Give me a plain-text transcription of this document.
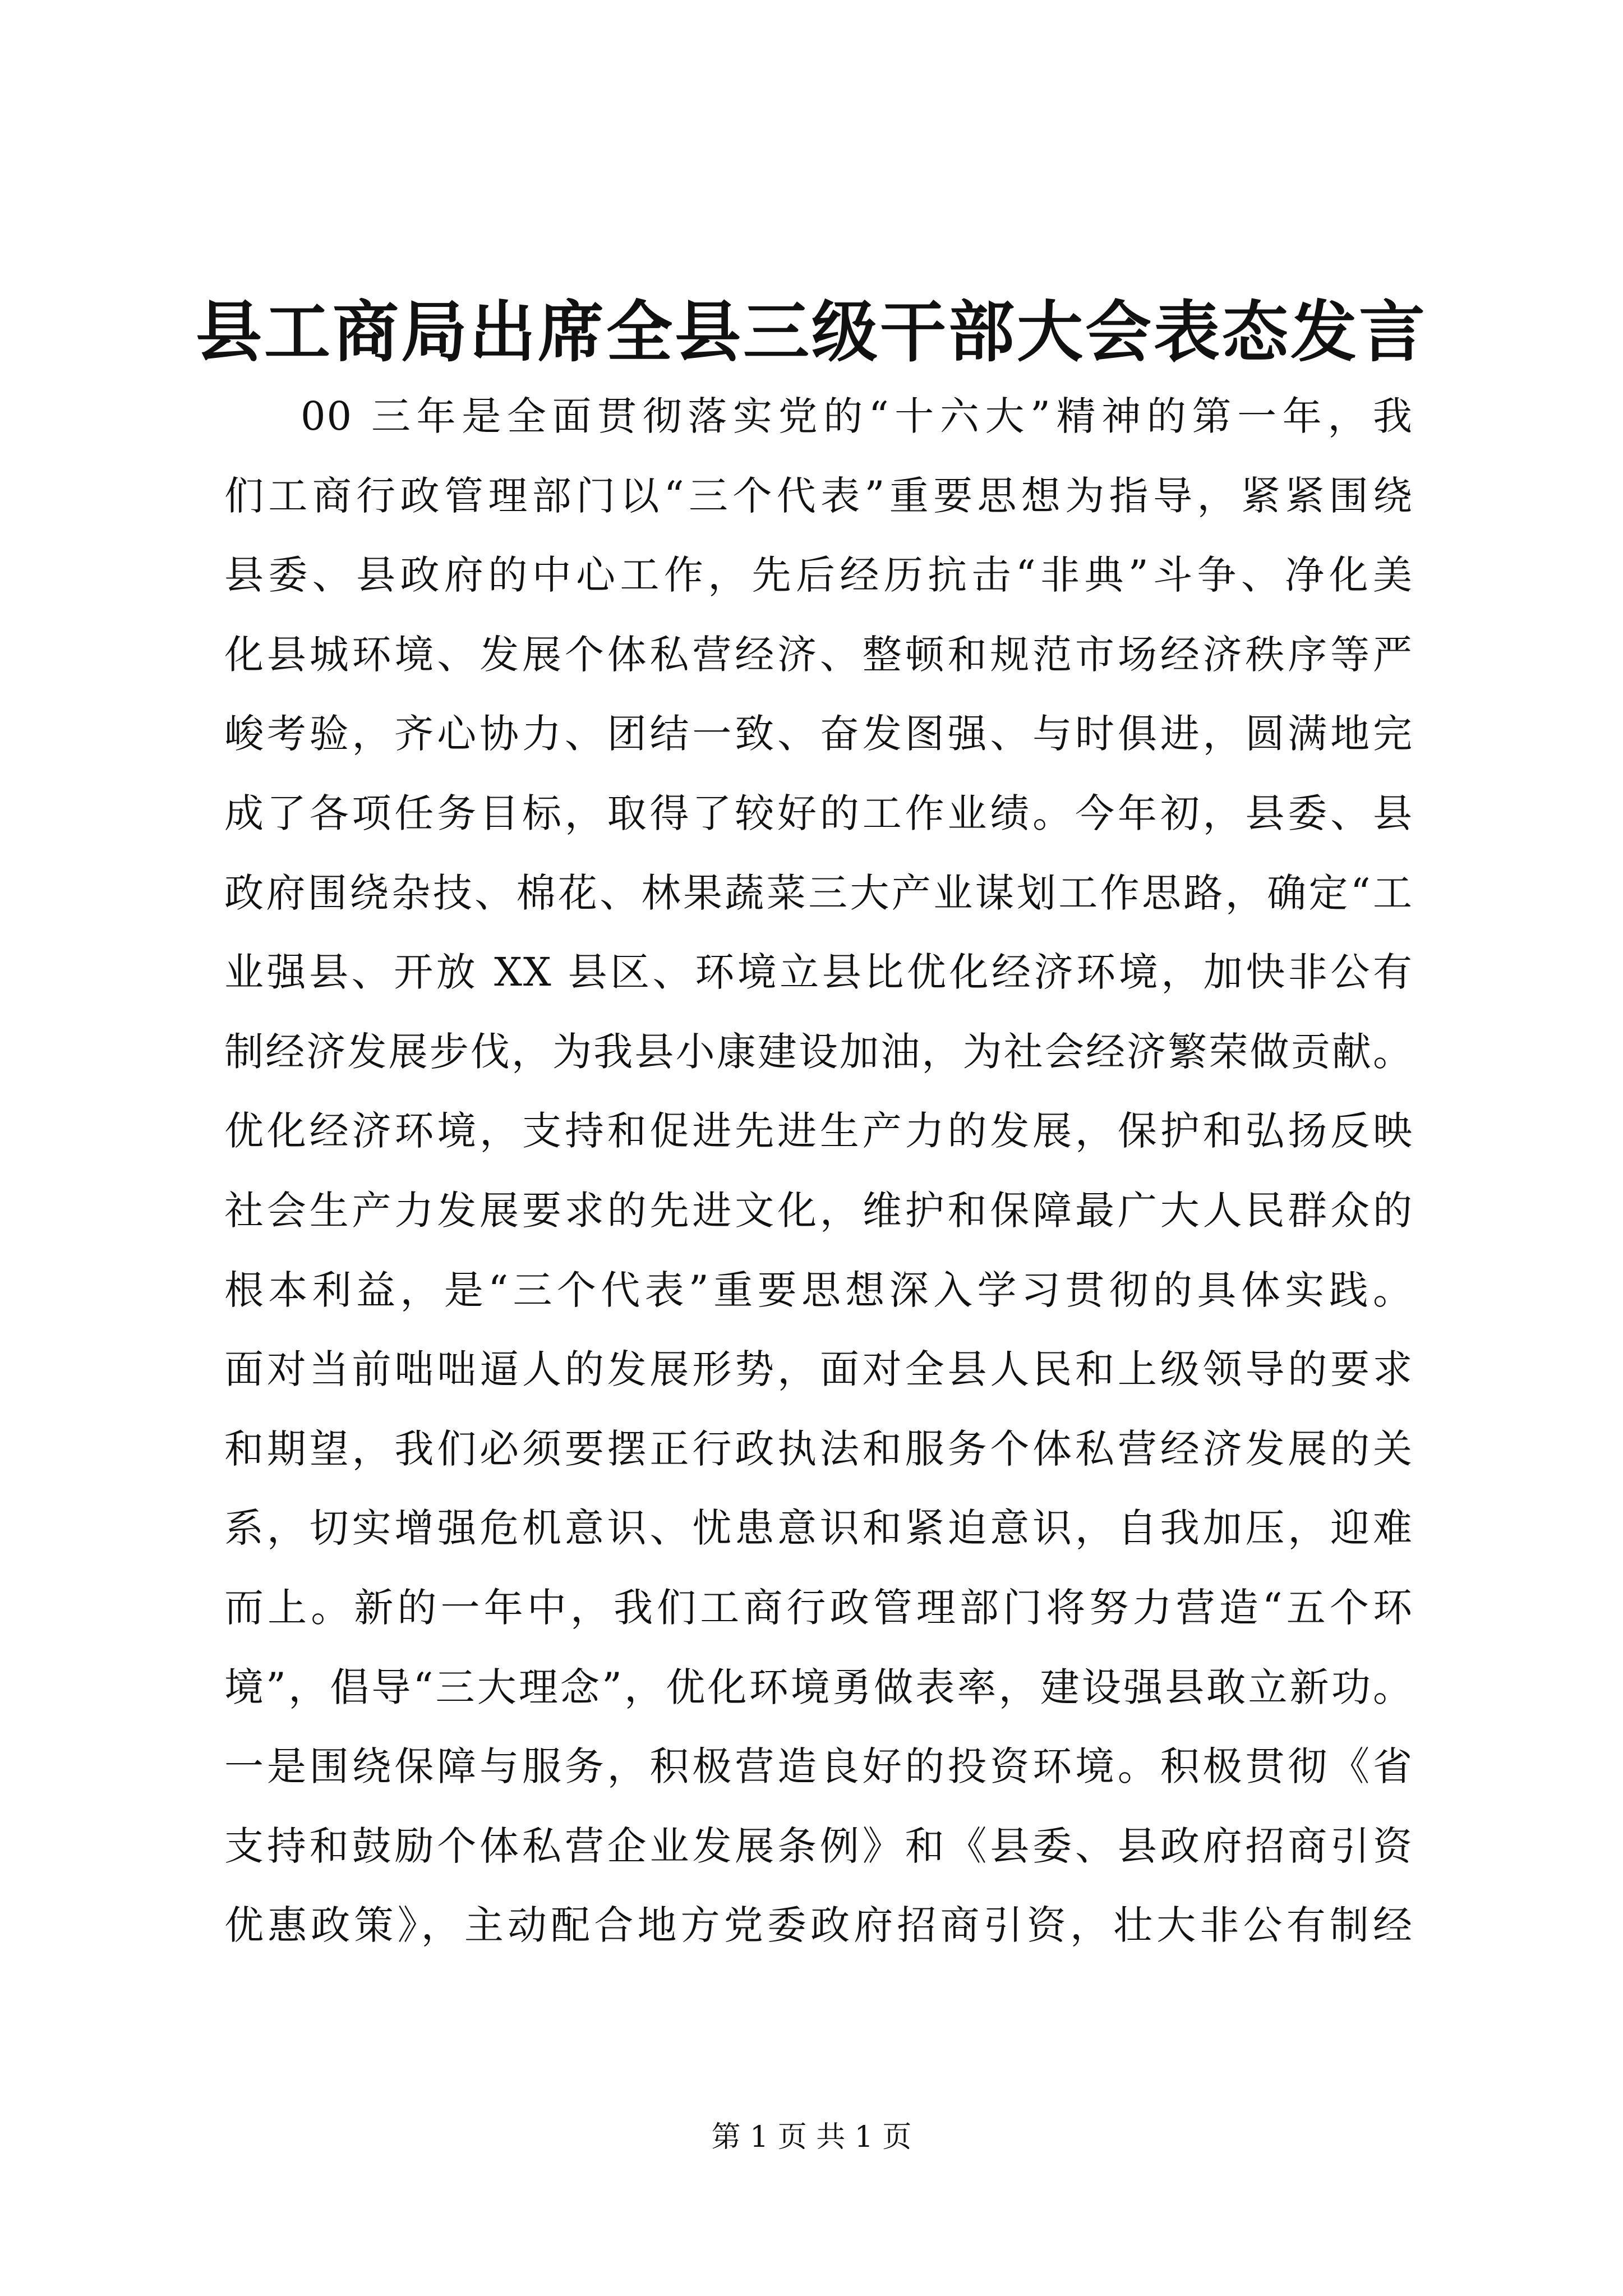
县工商局出席全县三级干部大会表态发言
00 三年是全面贯彻落实党的“十六大”精神的第一年，我
们工商行政管理部门以“三个代表”重要思想为指导，紧紧围绕
县委、县政府的中心工作，先后经历抗击“非典”斗争、净化美
化县城环境、发展个体私营经济、整顿和规范市场经济秩序等严
峻考验，齐心协力、团结一致、奋发图强、与时俱进，圆满地完
成了各项任务目标，取得了较好的工作业绩。今年初，县委、县
政府围绕杂技、棉花、林果蔬菜三大产业谋划工作思路，确定“工
业强县、开放 XX 县区、环境立县比优化经济环境，加快非公有
制经济发展步伐，为我县小康建设加油，为社会经济繁荣做贡献。
优化经济环境，支持和促进先进生产力的发展，保护和弘扬反映
社会生产力发展要求的先进文化，维护和保障最广大人民群众的
根本利益，是“三个代表”重要思想深入学习贯彻的具体实践。
面对当前咄咄逼人的发展形势，面对全县人民和上级领导的要求
和期望，我们必须要摆正行政执法和服务个体私营经济发展的关
系，切实增强危机意识、忧患意识和紧迫意识，自我加压，迎难
而上。新的一年中，我们工商行政管理部门将努力营造“五个环
境”，倡导“三大理念”，优化环境勇做表率，建设强县敢立新功。
一是围绕保障与服务，积极营造良好的投资环境。积极贯彻《省
支持和鼓励个体私营企业发展条例》和《县委、县政府招商引资
优惠政策》，主动配合地方党委政府招商引资，壮大非公有制经
第 1 页 共 1 页
